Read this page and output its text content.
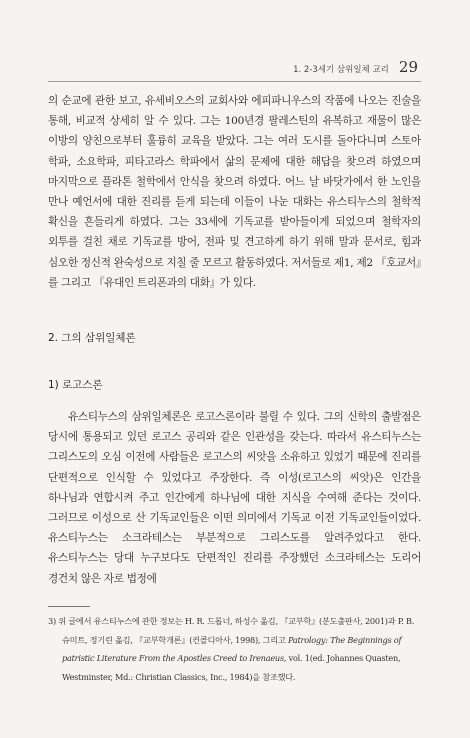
1. 2-3세기 삼위일체 교리 29

의 순교에 관한 보고, 유세비오스의 교회사와 에피파니우스의 작품에 나오는 진술을 통해, 비교적 상세히 알 수 있다. 그는 100년경 팔레스틴의 유복하고 재물이 많은 이방의 양친으로부터 훌륭히 교육을 받았다. 그는 여러 도시를 돌아다니며 스토아 학파, 소요학파, 피타고라스 학파에서 삶의 문제에 대한 해답을 찾으려 하였으며 마지막으로 플라톤 철학에서 안식을 찾으려 하였다. 어느 날 바닷가에서 한 노인을 만나 예언서에 대한 진리를 듣게 되는데 이들이 나눈 대화는 유스티누스의 철학적 확신을 흔들리게 하였다. 그는 33세에 기독교를 받아들이게 되었으며 철학자의 외투를 걸친 채로 기독교를 방어, 전파 및 견고하게 하기 위해 말과 문서로, 힘과 심오한 정신적 완숙성으로 지칠 줄 모르고 활동하였다. 저서들로 제1, 제2 『호교서』를 그리고 『유대인 트리폰과의 대화』가 있다.

2. 그의 삼위일체론
1) 로고스론

유스티누스의 삼위일체론은 로고스론이라 불릴 수 있다. 그의 신학의 출발점은 당시에 통용되고 있던 로고스 공리와 같은 인관성을 갖는다. 따라서 유스티누스는 그리스도의 오심 이전에 사람들은 로고스의 씨앗을 소유하고 있었기 때문에 진리를 단편적으로 인식할 수 있었다고 주장한다. 즉 이성(로고스의 씨앗)은 인간을 하나님과 연합시켜 주고 인간에게 하나님에 대한 지식을 수여해 준다는 것이다. 그러므로 이성으로 산 기독교인들은 이떤 의미에서 기독교 이전 기독교인들이었다. 유스티누스는 소크라테스는 부분적으로 그리스도를 알려주었다고 한다. 유스티누스는 당대 누구보다도 단편적인 진리를 주장했던 소크라테스는 도리어 경건치 않은 자로 법정에

3) 위 글에서 유스티누스에 관한 정보는 H. R. 드롭너, 하성수 옮김, 『교부학』(분도출판사, 2001)과 P. B. 슈미트, 정기린 옮김, 『교부학개론』(컨콜디아사, 1998), 그리고 Patrology: The Beginnings of patristic Literature From the Apostles Creed to Irenaeus, vol. 1(ed. Johannes Quasten, Westminster, Md.: Christian Classics, Inc., 1984)을 참조했다.
